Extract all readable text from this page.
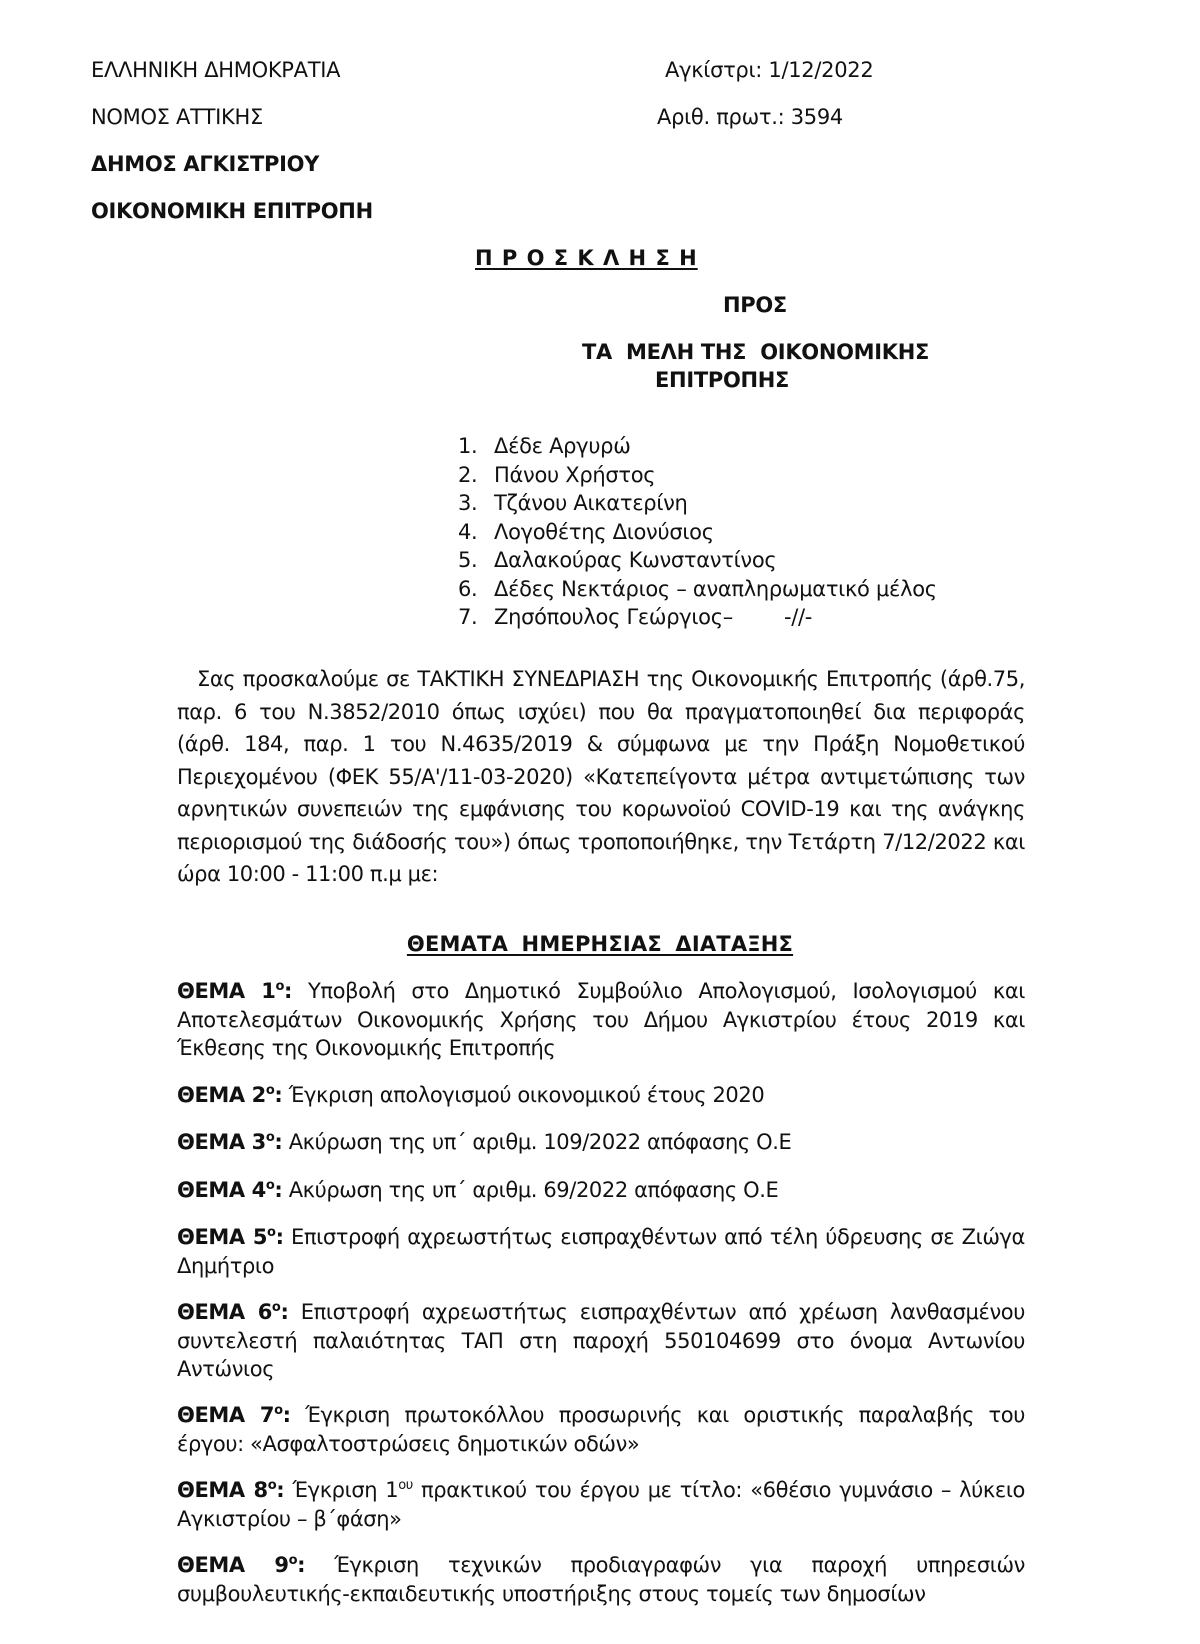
ΕΛΛΗΝΙΚΗ ΔΗΜΟΚΡΑΤΙΑ
ΝΟΜΟΣ ΑΤΤΙΚΗΣ
ΔΗΜΟΣ ΑΓΚΙΣΤΡΙΟΥ
ΟΙΚΟΝΟΜΙΚΗ ΕΠΙΤΡΟΠΗ
Αγκίστρι: 1/12/2022
Αριθ. πρωτ.: 3594
Π Ρ Ο Σ Κ Λ Η Σ Η
ΠΡΟΣ
ΤΑ  ΜΕΛΗ ΤΗΣ  ΟΙΚΟΝΟΜΙΚΗΣ
ΕΠΙΤΡΟΠΗΣ
1. Δέδε Αργυρώ
2. Πάνου Χρήστος
3. Τζάνου Αικατερίνη
4. Λογοθέτης Διονύσιος
5. Δαλακούρας Κωνσταντίνος
6. Δέδες Νεκτάριος – αναπληρωματικό μέλος
7. Ζησόπουλος Γεώργιος–        -//-

Σας προσκαλούμε σε ΤΑΚΤΙΚΗ ΣΥΝΕΔΡΙΑΣΗ της Οικονομικής Επιτροπής (άρθ.75, παρ. 6 του Ν.3852/2010 όπως ισχύει) που θα πραγματοποιηθεί δια περιφοράς (άρθ. 184, παρ. 1 του Ν.4635/2019 & σύμφωνα με την Πράξη Νομοθετικού Περιεχομένου (ΦΕΚ 55/Α'/11-03-2020) «Κατεπείγοντα μέτρα αντιμετώπισης των αρνητικών συνεπειών της εμφάνισης του κορωνοϊού COVID-19 και της ανάγκης περιορισμού της διάδοσής του») όπως τροποποιήθηκε, την Τετάρτη 7/12/2022 και ώρα 10:00 - 11:00 π.μ με:

ΘΕΜΑΤΑ ΗΜΕΡΗΣΙΑΣ ΔΙΑΤΑΞΗΣ

ΘΕΜΑ $1^o$: Υποβολή στο Δημοτικό Συμβούλιο Απολογισμού, Ισολογισμού και Αποτελεσμάτων Οικονομικής Χρήσης του Δήμου Αγκιστρίου έτους 2019 και Έκθεσης της Οικονομικής Επιτροπής

ΘΕΜΑ $2^o$: Έγκριση απολογισμού οικονομικού έτους 2020

ΘΕΜΑ $3^o$: Ακύρωση της υπ΄ αριθμ. 109/2022 απόφασης Ο.Ε

ΘΕΜΑ $4^o$: Ακύρωση της υπ΄ αριθμ. 69/2022 απόφασης Ο.Ε

ΘΕΜΑ $5^o$: Επιστροφή αχρεωστήτως εισπραχθέντων από τέλη ύδρευσης σε Ζιώγα Δημήτριο

ΘΕΜΑ $6^o$: Επιστροφή αχρεωστήτως εισπραχθέντων από χρέωση λανθασμένου συντελεστή παλαιότητας ΤΑΠ στη παροχή 550104699 στο όνομα Αντωνίου Αντώνιος

ΘΕΜΑ $7^o$: Έγκριση πρωτοκόλλου προσωρινής και οριστικής παραλαβής του έργου: «Ασφαλτοστρώσεις δημοτικών οδών»

ΘΕΜΑ $8^o$: Έγκριση $1^{o\upsilon}$ πρακτικού του έργου με τίτλο: «6θέσιο γυμνάσιο – λύκειο Αγκιστρίου – β΄φάση»

ΘΕΜΑ $9^o$: Έγκριση τεχνικών προδιαγραφών για παροχή υπηρεσιών συμβουλευτικής-εκπαιδευτικής υποστήριξης στους τομείς των δημοσίων
